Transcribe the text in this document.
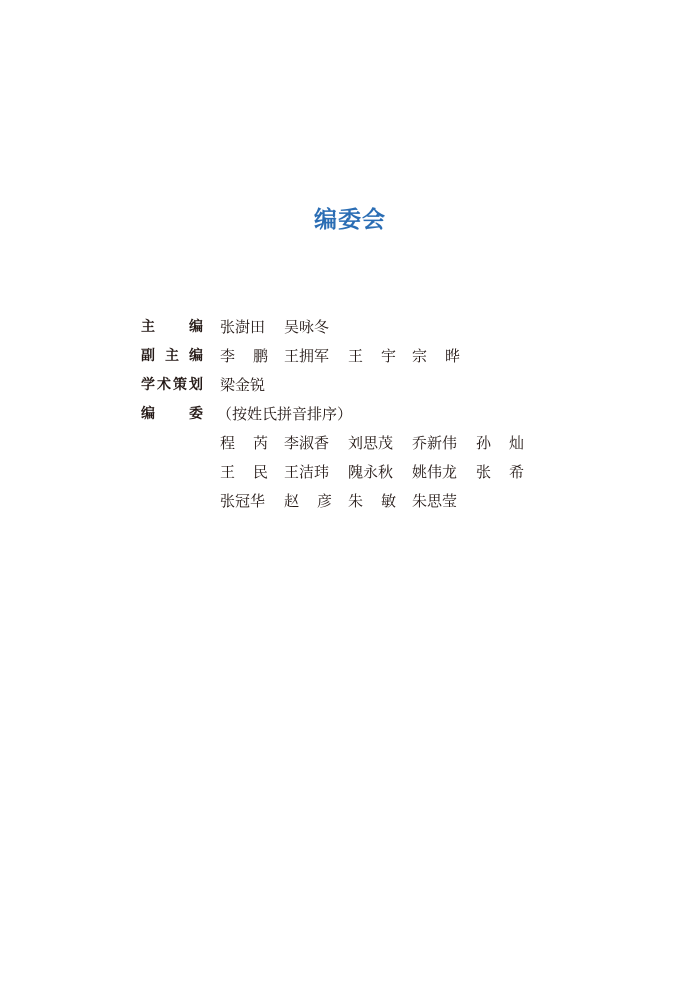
编委会
主 编 张 澍 田 吴 咏 冬
副 主 编 李 鹏 王 拥 军 王 宇 宗 晔
学 术 策 划 梁 金 锐
编 委 （按姓氏拼音排序）
程 芮 李 淑 香 刘 思 茂 乔 新 伟 孙 灿
王 民 王 洁 玮 隗 永 秋 姚 伟 龙 张 希
张 冠 华 赵 彦 朱 敏 朱 思 莹
